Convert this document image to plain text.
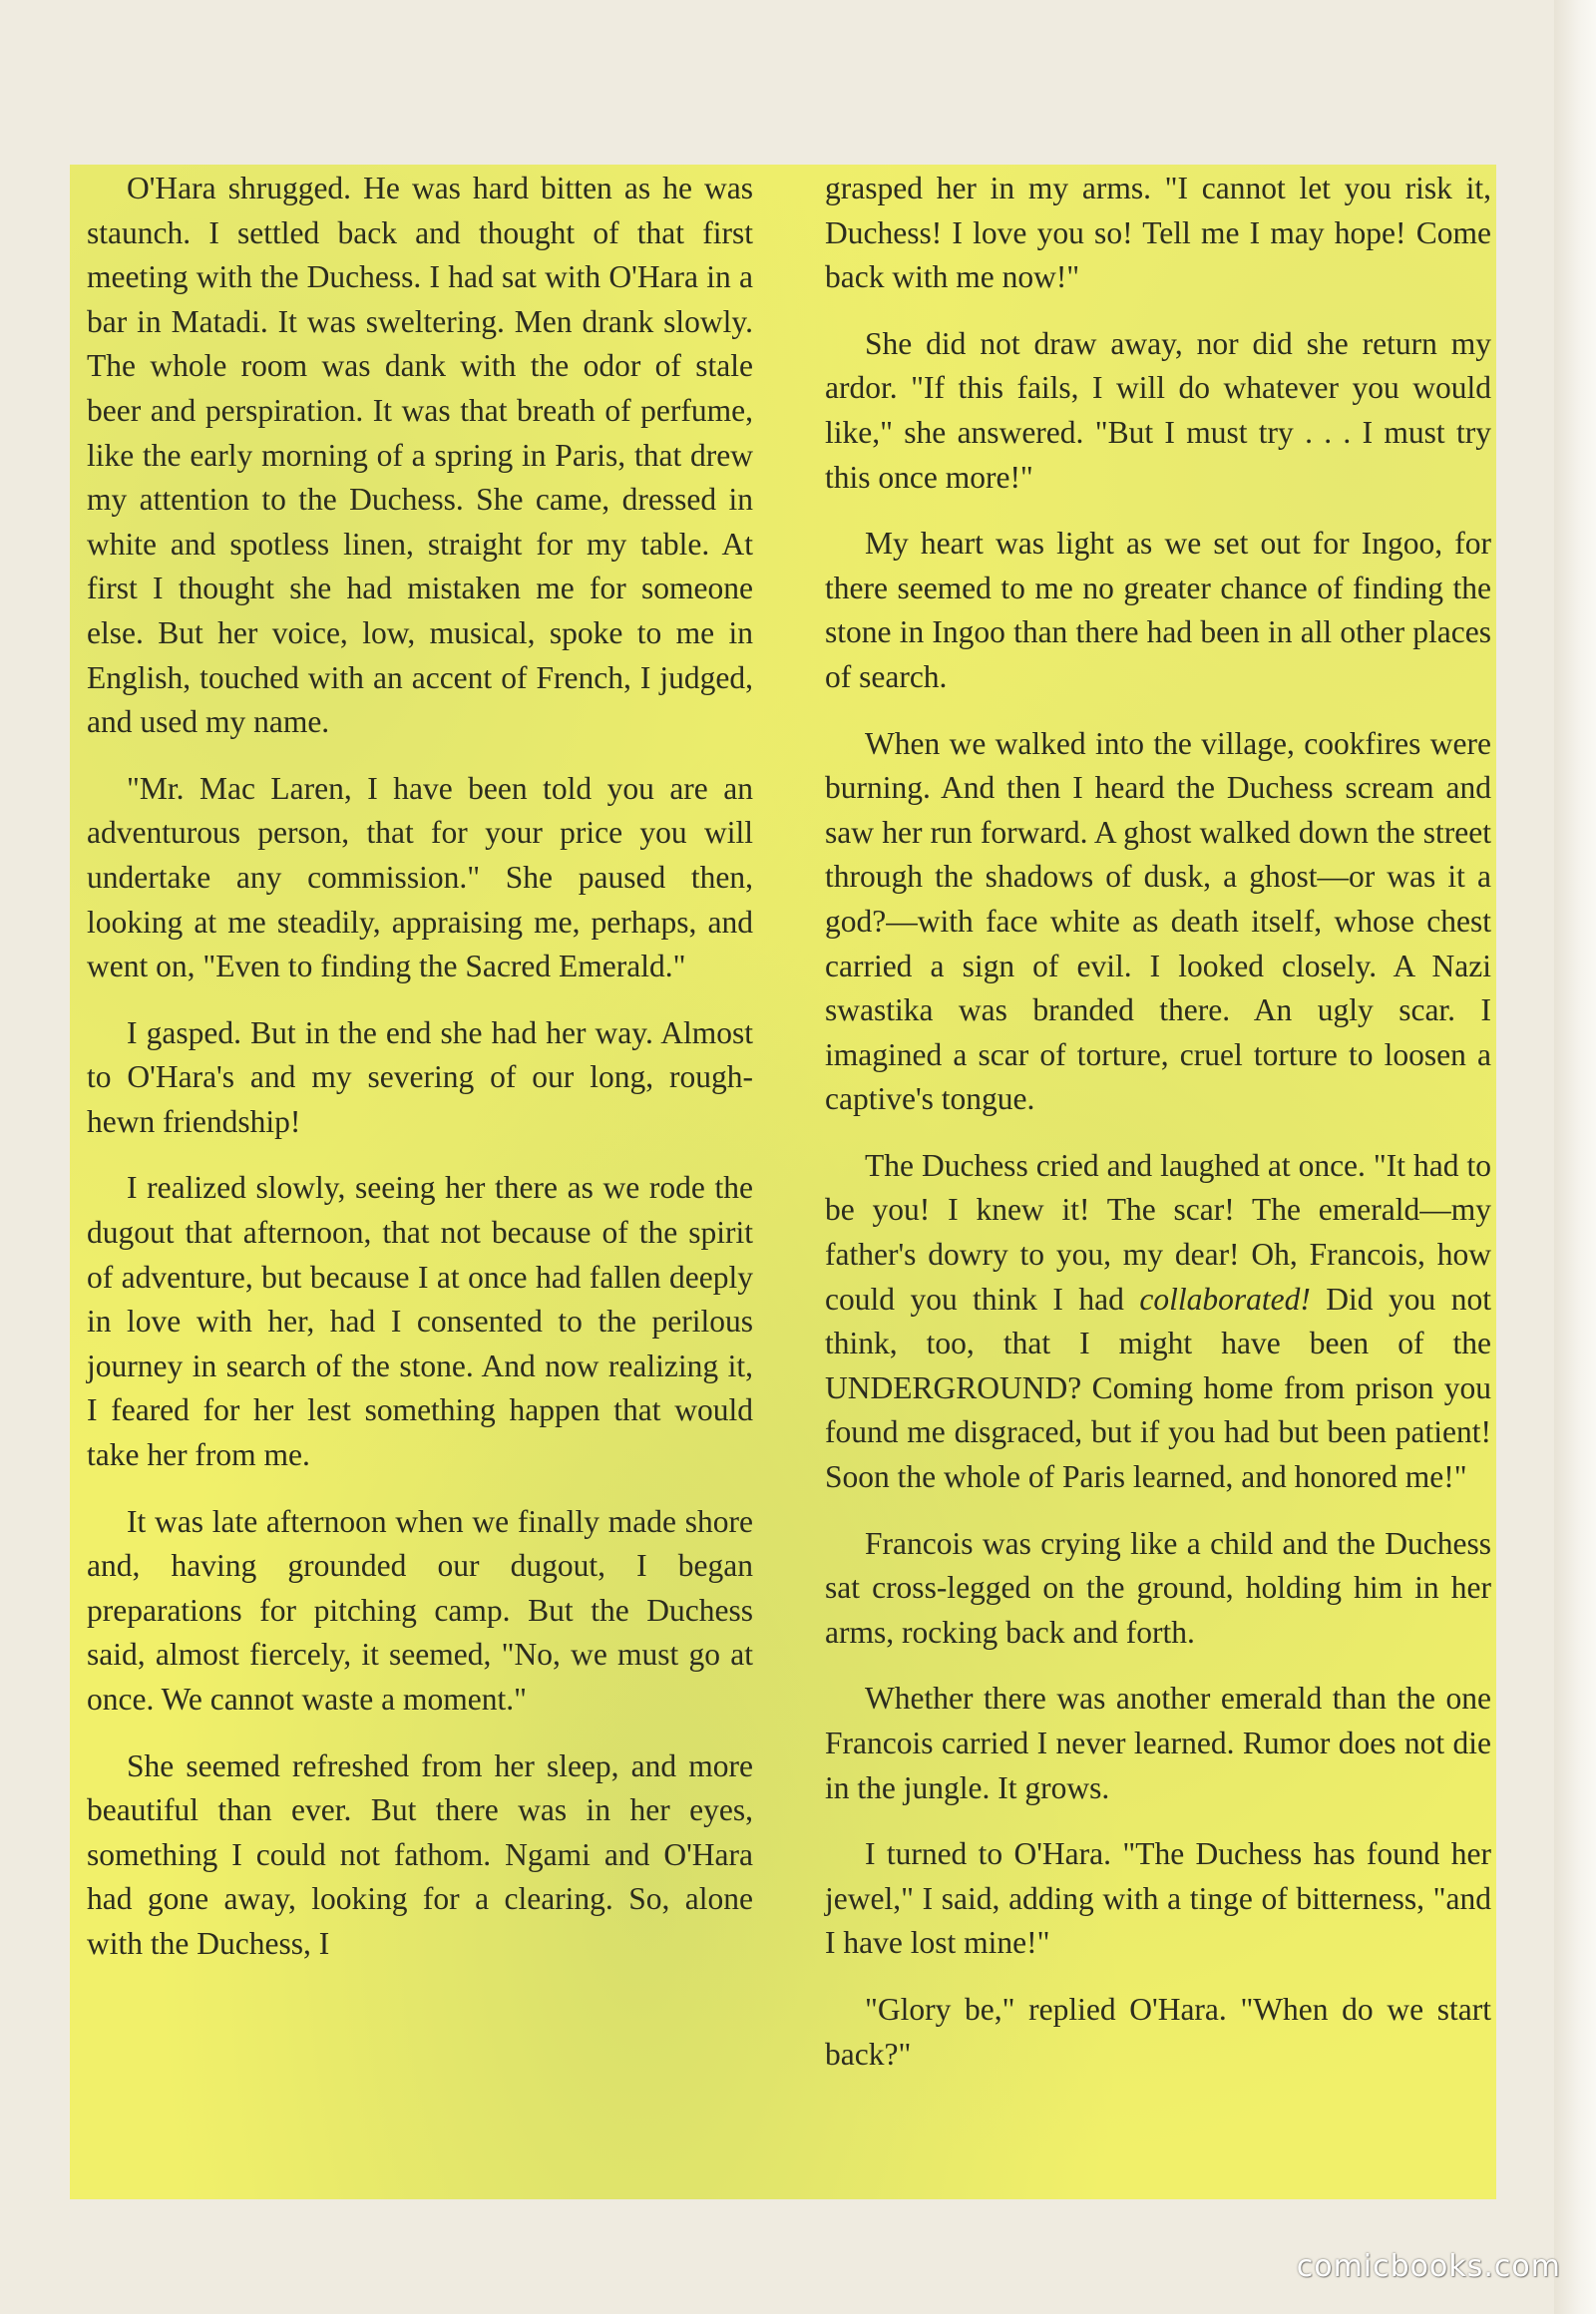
O'Hara shrugged. He was hard bitten as he was staunch. I settled back and thought of that first meeting with the Duchess. I had sat with O'Hara in a bar in Matadi. It was sweltering. Men drank slowly. The whole room was dank with the odor of stale beer and perspiration. It was that breath of perfume, like the early morning of a spring in Paris, that drew my attention to the Duchess. She came, dressed in white and spotless linen, straight for my table. At first I thought she had mistaken me for someone else. But her voice, low, musical, spoke to me in English, touched with an accent of French, I judged, and used my name.

"Mr. Mac Laren, I have been told you are an adventurous person, that for your price you will undertake any commission." She paused then, looking at me steadily, appraising me, perhaps, and went on, "Even to finding the Sacred Emerald."

I gasped. But in the end she had her way. Almost to O'Hara's and my severing of our long, rough-hewn friendship!

I realized slowly, seeing her there as we rode the dugout that afternoon, that not because of the spirit of adventure, but because I at once had fallen deeply in love with her, had I consented to the perilous journey in search of the stone. And now realizing it, I feared for her lest something happen that would take her from me.

It was late afternoon when we finally made shore and, having grounded our dugout, I began preparations for pitching camp. But the Duchess said, almost fiercely, it seemed, "No, we must go at once. We cannot waste a moment."

She seemed refreshed from her sleep, and more beautiful than ever. But there was in her eyes, something I could not fathom. Ngami and O'Hara had gone away, looking for a clearing. So, alone with the Duchess, I

grasped her in my arms. "I cannot let you risk it, Duchess! I love you so! Tell me I may hope! Come back with me now!"

She did not draw away, nor did she return my ardor. "If this fails, I will do whatever you would like," she answered. "But I must try . . . I must try this once more!"

My heart was light as we set out for Ingoo, for there seemed to me no greater chance of finding the stone in Ingoo than there had been in all other places of search.

When we walked into the village, cookfires were burning. And then I heard the Duchess scream and saw her run forward. A ghost walked down the street through the shadows of dusk, a ghost—or was it a god?—with face white as death itself, whose chest carried a sign of evil. I looked closely. A Nazi swastika was branded there. An ugly scar. I imagined a scar of torture, cruel torture to loosen a captive's tongue.

The Duchess cried and laughed at once. "It had to be you! I knew it! The scar! The emerald—my father's dowry to you, my dear! Oh, Francois, how could you think I had collaborated! Did you not think, too, that I might have been of the UNDERGROUND? Coming home from prison you found me disgraced, but if you had but been patient! Soon the whole of Paris learned, and honored me!"

Francois was crying like a child and the Duchess sat cross-legged on the ground, holding him in her arms, rocking back and forth.

Whether there was another emerald than the one Francois carried I never learned. Rumor does not die in the jungle. It grows.

I turned to O'Hara. "The Duchess has found her jewel," I said, adding with a tinge of bitterness, "and I have lost mine!"

"Glory be," replied O'Hara. "When do we start back?"

comicbooks.com
